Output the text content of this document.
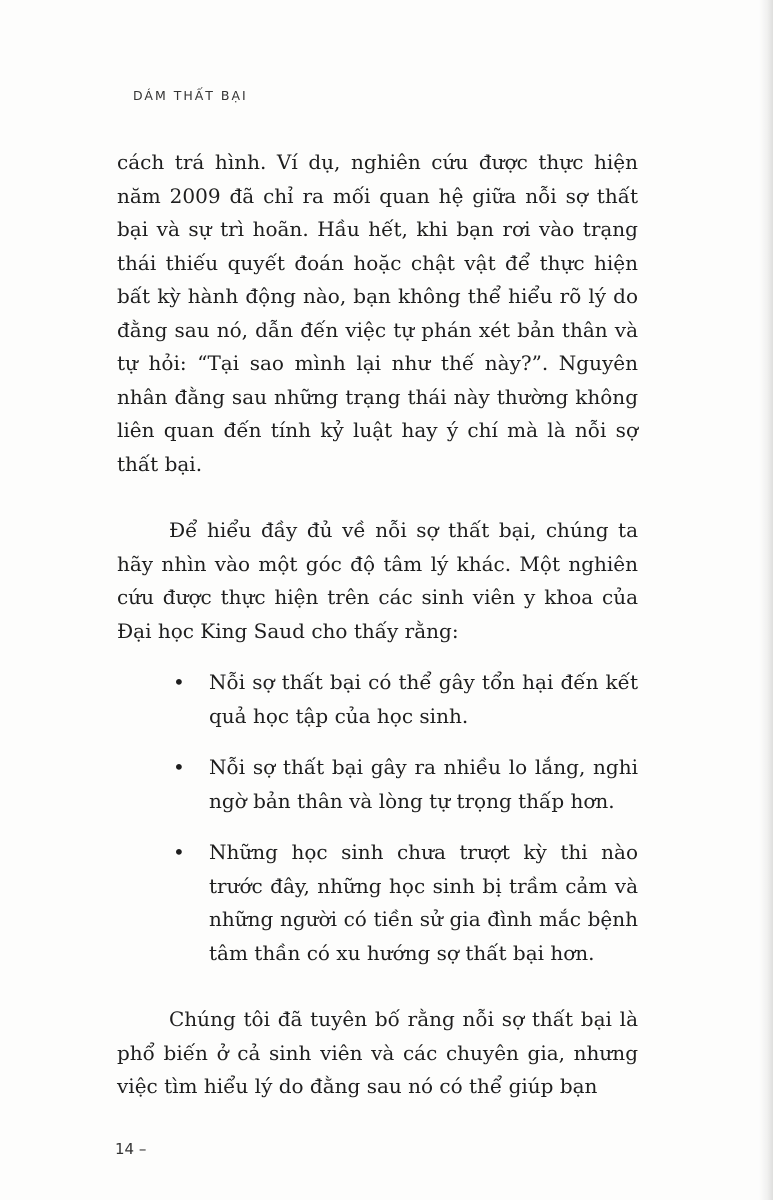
DÁM THẤT BẠI

cách trá hình. Ví dụ, nghiên cứu được thực hiện năm 2009 đã chỉ ra mối quan hệ giữa nỗi sợ thất bại và sự trì hoãn. Hầu hết, khi bạn rơi vào trạng thái thiếu quyết đoán hoặc chật vật để thực hiện bất kỳ hành động nào, bạn không thể hiểu rõ lý do đằng sau nó, dẫn đến việc tự phán xét bản thân và tự hỏi: “Tại sao mình lại như thế này?”. Nguyên nhân đằng sau những trạng thái này thường không liên quan đến tính kỷ luật hay ý chí mà là nỗi sợ thất bại.

Để hiểu đầy đủ về nỗi sợ thất bại, chúng ta hãy nhìn vào một góc độ tâm lý khác. Một nghiên cứu được thực hiện trên các sinh viên y khoa của Đại học King Saud cho thấy rằng:

• Nỗi sợ thất bại có thể gây tổn hại đến kết quả học tập của học sinh.
• Nỗi sợ thất bại gây ra nhiều lo lắng, nghi ngờ bản thân và lòng tự trọng thấp hơn.
• Những học sinh chưa trượt kỳ thi nào trước đây, những học sinh bị trầm cảm và những người có tiền sử gia đình mắc bệnh tâm thần có xu hướng sợ thất bại hơn.

Chúng tôi đã tuyên bố rằng nỗi sợ thất bại là phổ biến ở cả sinh viên và các chuyên gia, nhưng việc tìm hiểu lý do đằng sau nó có thể giúp bạn

14 –
